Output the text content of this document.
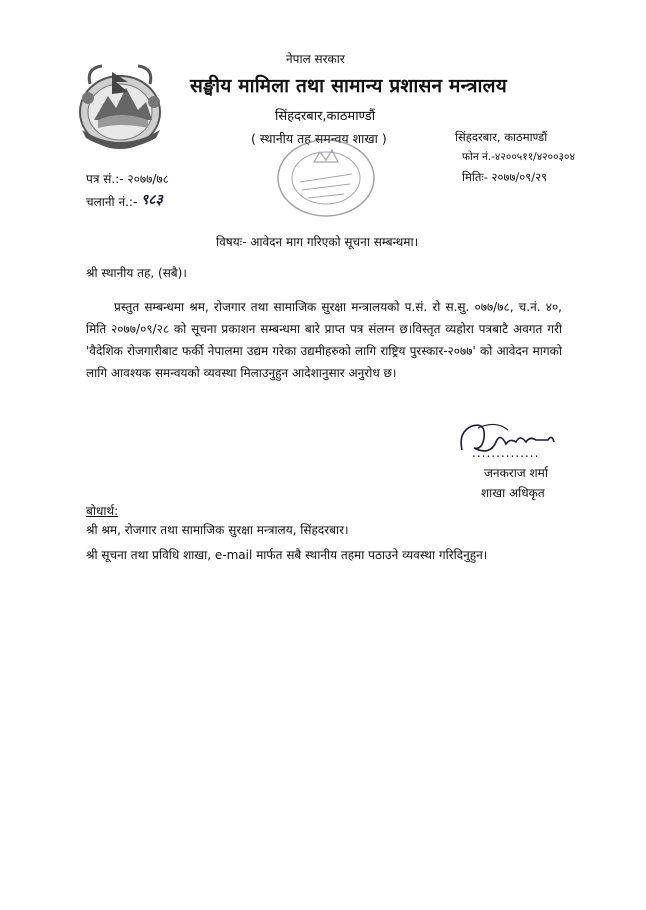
नेपाल सरकार
सङ्घीय मामिला तथा सामान्य प्रशासन मन्त्रालय
सिंहदरबार,काठमाण्डौं
( स्थानीय तह समन्वय शाखा )	सिंहदरबार, काठमाण्डौं
फोन नं.-४२००५११/४२००३०४
मितिः- २०७७/०९/२९
पत्र सं.:- २०७७/७८
चलानी नं.:- ९८३
विषयः- आवेदन माग गरिएको सूचना सम्बन्धमा।
श्री स्थानीय तह, (सबै)।
प्रस्तुत सम्बन्धमा श्रम, रोजगार तथा सामाजिक सुरक्षा मन्त्रालयको प.सं. रो स.सु. ०७७/७८, च.नं. ४०, मिति २०७७/०९/२८ को सूचना प्रकाशन सम्बन्धमा बारे प्राप्त पत्र संलग्न छ।विस्तृत व्यहोरा पत्रबाटै अवगत गरी 'वैदेशिक रोजगारीबाट फर्की नेपालमा उद्यम गरेका उद्यमीहरुको लागि राष्ट्रिय पुरस्कार-२०७७' को आवेदन मागको लागि आवश्यक समन्वयको व्यवस्था मिलाउनुहुन आदेशानुसार अनुरोध छ।
..............
जनकराज शर्मा
शाखा अधिकृत
बोधार्थ:
श्री श्रम, रोजगार तथा सामाजिक सुरक्षा मन्त्रालय, सिंहदरबार।
श्री सूचना तथा प्रविधि शाखा, e-mail मार्फत सबै स्थानीय तहमा पठाउने व्यवस्था गरिदिनुहुन।
